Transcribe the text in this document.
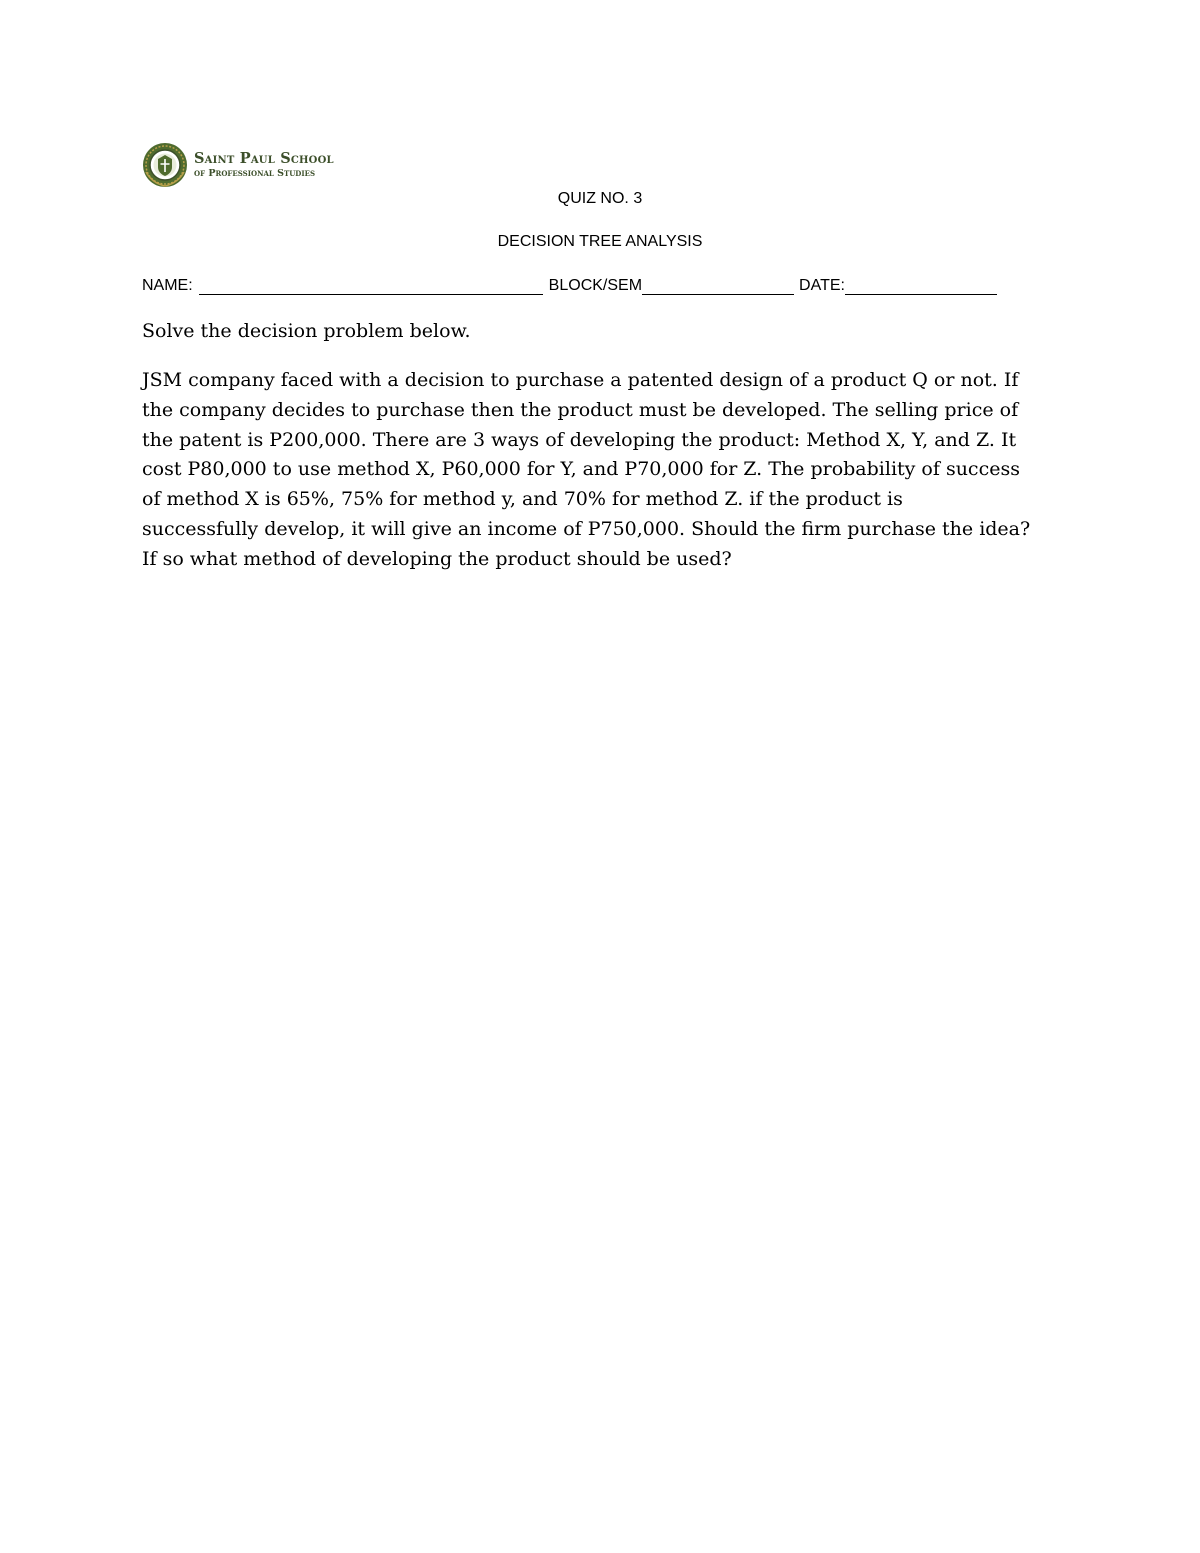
Saint Paul School
of Professional Studies
QUIZ NO. 3
DECISION TREE ANALYSIS
NAME:	BLOCK/SEM	DATE:
Solve the decision problem below.
JSM company faced with a decision to purchase a patented design of a product Q or not. If
the company decides to purchase then the product must be developed. The selling price of
the patent is P200,000. There are 3 ways of developing the product: Method X, Y, and Z. It
cost P80,000 to use method X, P60,000 for Y, and P70,000 for Z. The probability of success
of method X is 65%, 75% for method y, and 70% for method Z. if the product is
successfully develop, it will give an income of P750,000. Should the firm purchase the idea?
If so what method of developing the product should be used?
